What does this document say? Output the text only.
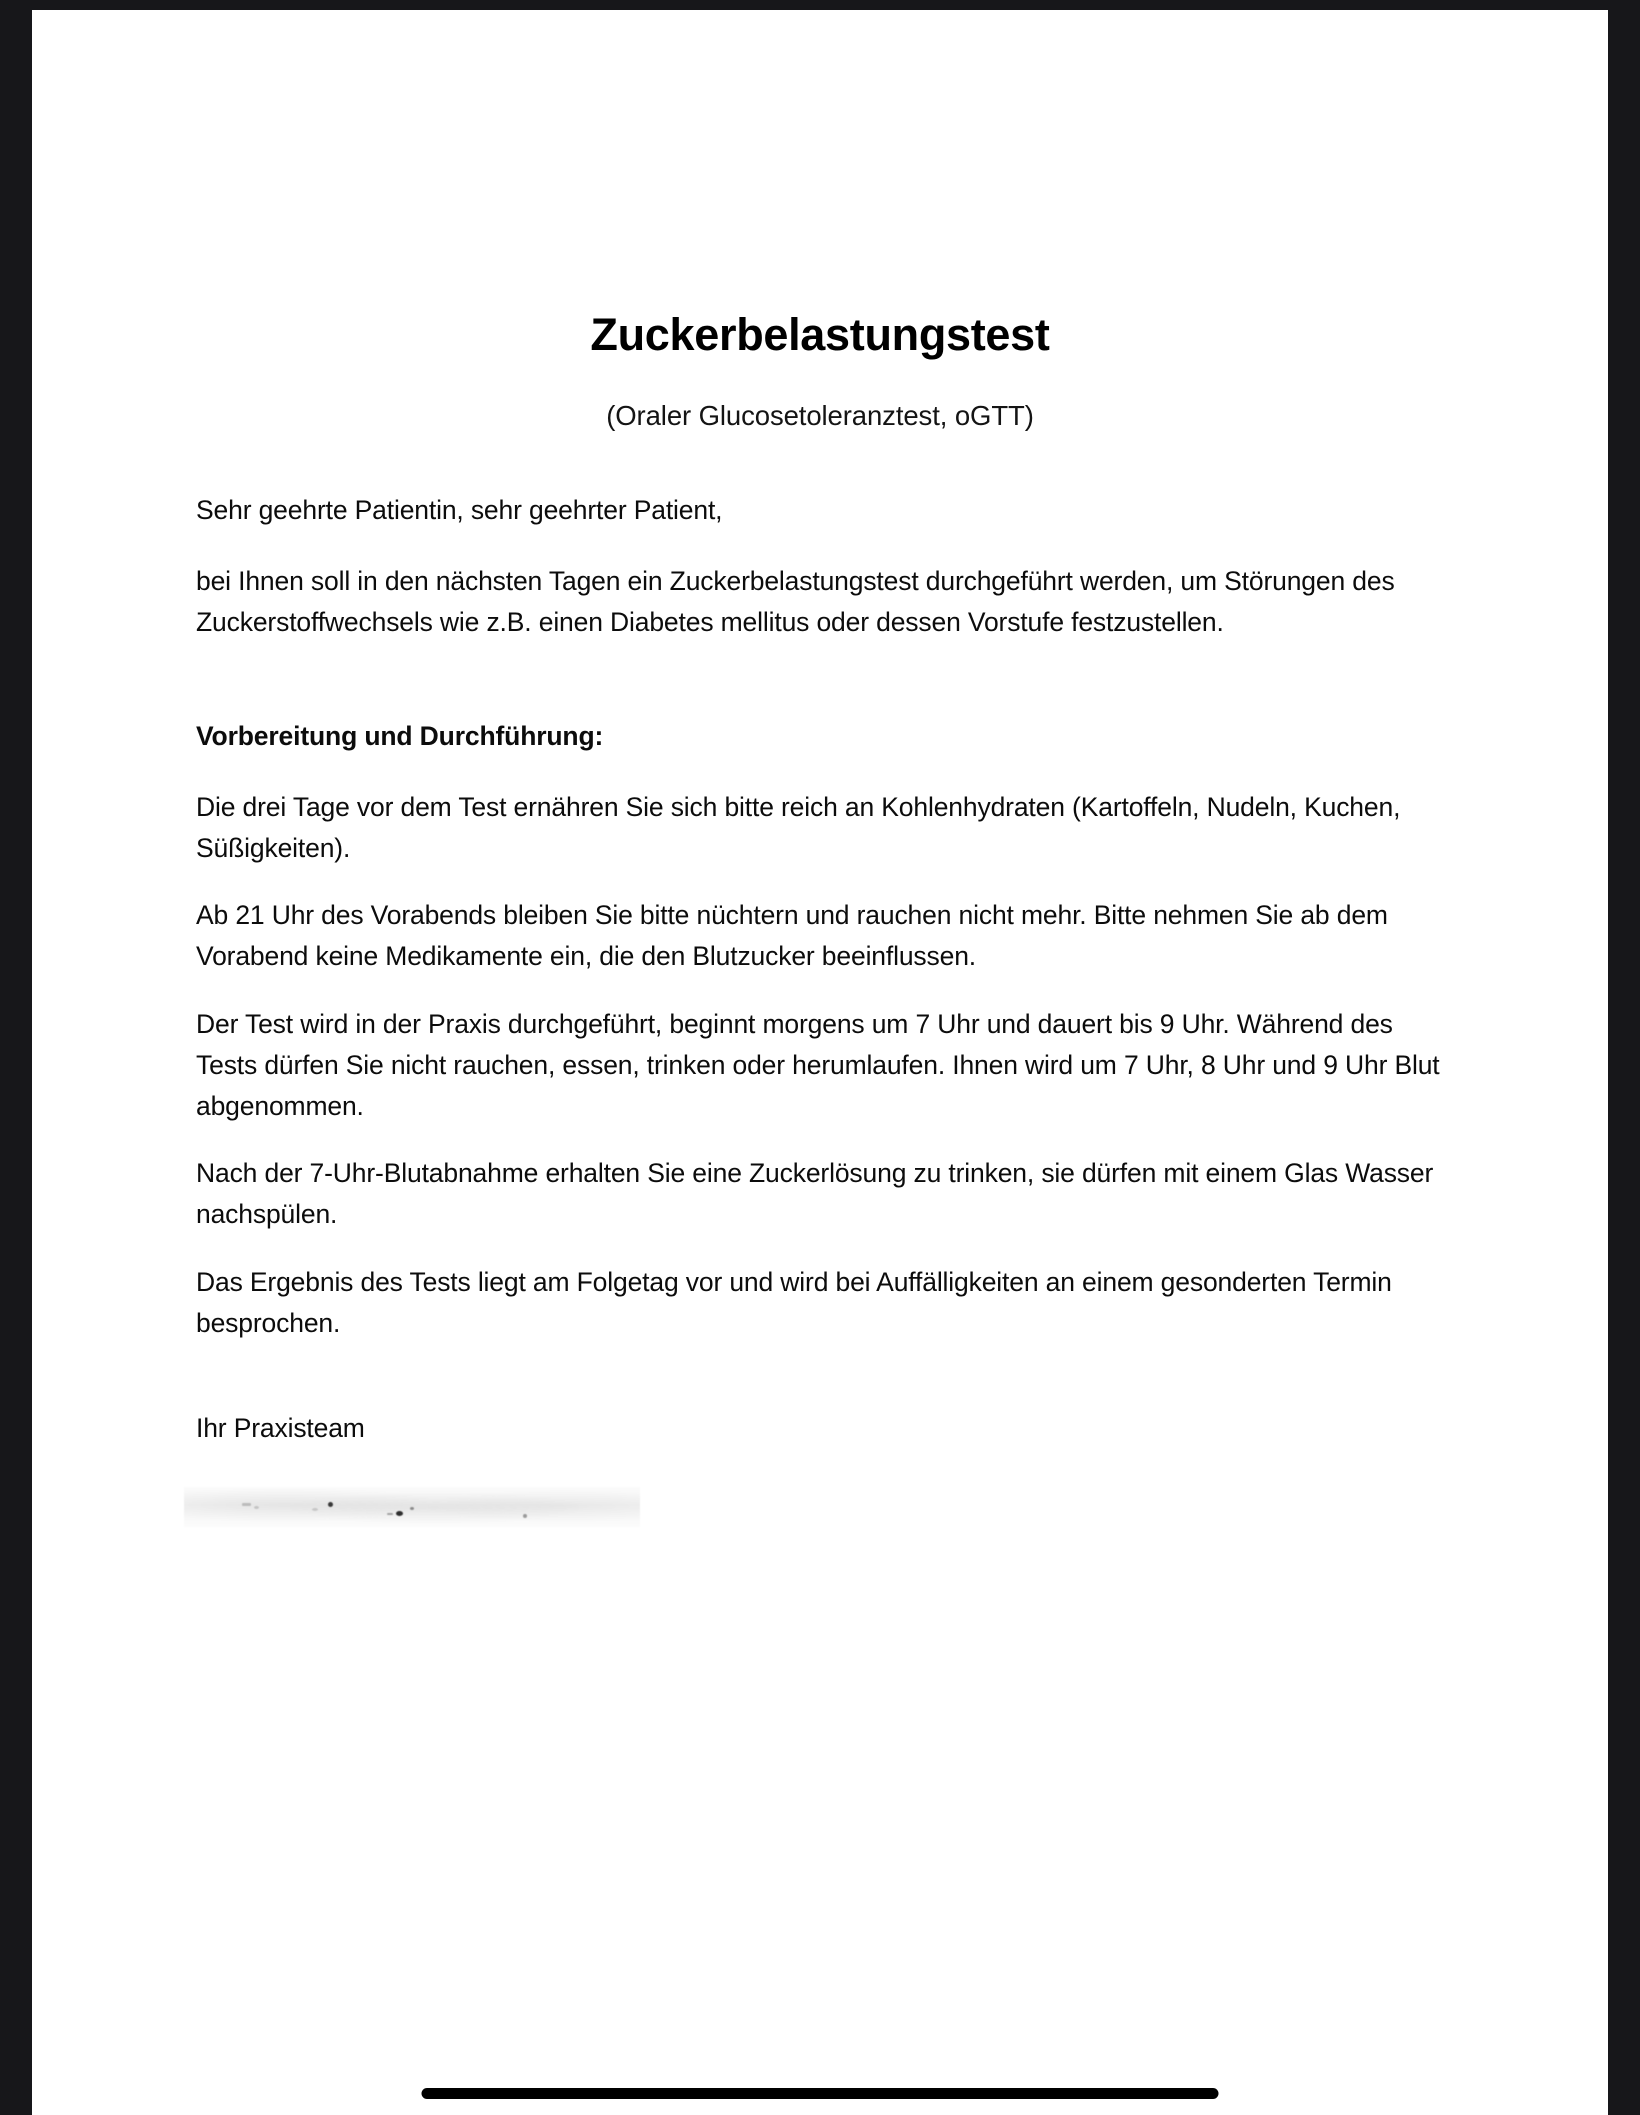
Zuckerbelastungstest

(Oraler Glucosetoleranztest, oGTT)

Sehr geehrte Patientin, sehr geehrter Patient,

bei Ihnen soll in den nächsten Tagen ein Zuckerbelastungstest durchgeführt werden, um Störungen des Zuckerstoffwechsels wie z.B. einen Diabetes mellitus oder dessen Vorstufe festzustellen.

Vorbereitung und Durchführung:

Die drei Tage vor dem Test ernähren Sie sich bitte reich an Kohlenhydraten (Kartoffeln, Nudeln, Kuchen, Süßigkeiten).

Ab 21 Uhr des Vorabends bleiben Sie bitte nüchtern und rauchen nicht mehr. Bitte nehmen Sie ab dem Vorabend keine Medikamente ein, die den Blutzucker beeinflussen.

Der Test wird in der Praxis durchgeführt, beginnt morgens um 7 Uhr und dauert bis 9 Uhr. Während des Tests dürfen Sie nicht rauchen, essen, trinken oder herumlaufen. Ihnen wird um 7 Uhr, 8 Uhr und 9 Uhr Blut abgenommen.

Nach der 7-Uhr-Blutabnahme erhalten Sie eine Zuckerlösung zu trinken, sie dürfen mit einem Glas Wasser nachspülen.

Das Ergebnis des Tests liegt am Folgetag vor und wird bei Auffälligkeiten an einem gesonderten Termin besprochen.

Ihr Praxisteam
